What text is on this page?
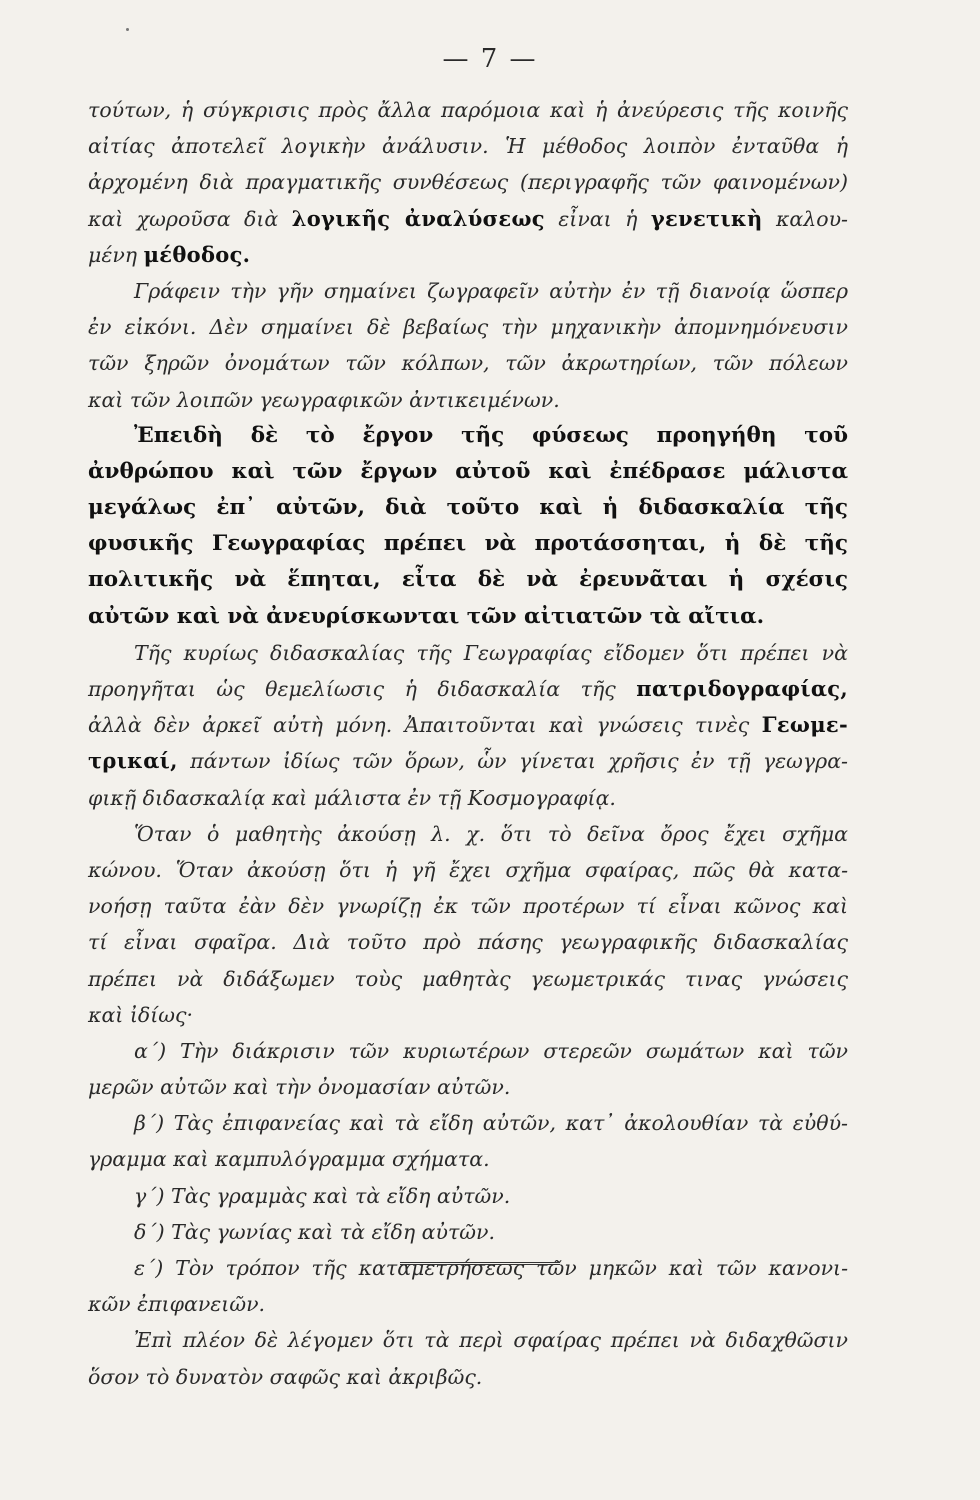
— 7 —
τούτων, ἡ σύγκρισις πρὸς ἄλλα παρόμοια καὶ ἡ ἀνεύρεσις τῆς κοινῆς
αἰτίας ἀποτελεῖ λογικὴν ἀνάλυσιν. Ἡ μέθοδος λοιπὸν ἐνταῦθα ἡ
ἀρχομένη διὰ πραγματικῆς συνθέσεως (περιγραφῆς τῶν φαινομένων)
καὶ χωροῦσα διὰ λογικῆς ἀναλύσεως εἶναι ἡ γενετικὴ καλου-
μένη μέθοδος.
Γράφειν τὴν γῆν σημαίνει ζωγραφεῖν αὐτὴν ἐν τῇ διανοίᾳ ὥσπερ
ἐν εἰκόνι. Δὲν σημαίνει δὲ βεβαίως τὴν μηχανικὴν ἀπομνημόνευσιν
τῶν ξηρῶν ὀνομάτων τῶν κόλπων, τῶν ἀκρωτηρίων, τῶν πόλεων
καὶ τῶν λοιπῶν γεωγραφικῶν ἀντικειμένων.
Ἐπειδὴ δὲ τὸ ἔργον τῆς φύσεως προηγήθη τοῦ
ἀνθρώπου καὶ τῶν ἔργων αὐτοῦ καὶ ἐπέδρασε μάλιστα
μεγάλως ἐπ᾽ αὐτῶν, διὰ τοῦτο καὶ ἡ διδασκαλία τῆς
φυσικῆς Γεωγραφίας πρέπει νὰ προτάσσηται, ἡ δὲ τῆς
πολιτικῆς νὰ ἕπηται, εἶτα δὲ νὰ ἐρευνᾶται ἡ σχέσις
αὐτῶν καὶ νὰ ἀνευρίσκωνται τῶν αἰτιατῶν τὰ αἴτια.
Τῆς κυρίως διδασκαλίας τῆς Γεωγραφίας εἴδομεν ὅτι πρέπει νὰ
προηγῆται ὡς θεμελίωσις ἡ διδασκαλία τῆς πατριδογραφίας,
ἀλλὰ δὲν ἀρκεῖ αὐτὴ μόνη. Ἀπαιτοῦνται καὶ γνώσεις τινὲς Γεωμε-
τρικαί, πάντων ἰδίως τῶν ὅρων, ὧν γίνεται χρῆσις ἐν τῇ γεωγρα-
φικῇ διδασκαλίᾳ καὶ μάλιστα ἐν τῇ Κοσμογραφίᾳ.
Ὅταν ὁ μαθητὴς ἀκούσῃ λ. χ. ὅτι τὸ δεῖνα ὄρος ἔχει σχῆμα
κώνου. Ὅταν ἀκούσῃ ὅτι ἡ γῆ ἔχει σχῆμα σφαίρας, πῶς θὰ κατα-
νοήσῃ ταῦτα ἐὰν δὲν γνωρίζῃ ἐκ τῶν προτέρων τί εἶναι κῶνος καὶ
τί εἶναι σφαῖρα. Διὰ τοῦτο πρὸ πάσης γεωγραφικῆς διδασκαλίας
πρέπει νὰ διδάξωμεν τοὺς μαθητὰς γεωμετρικάς τινας γνώσεις
καὶ ἰδίως·
α´) Τὴν διάκρισιν τῶν κυριωτέρων στερεῶν σωμάτων καὶ τῶν
μερῶν αὐτῶν καὶ τὴν ὀνομασίαν αὐτῶν.
β´) Τὰς ἐπιφανείας καὶ τὰ εἴδη αὐτῶν, κατ᾽ ἀκολουθίαν τὰ εὐθύ-
γραμμα καὶ καμπυλόγραμμα σχήματα.
γ´) Τὰς γραμμὰς καὶ τὰ εἴδη αὐτῶν.
δ´) Τὰς γωνίας καὶ τὰ εἴδη αὐτῶν.
ε´) Τὸν τρόπον τῆς καταμετρήσεως τῶν μηκῶν καὶ τῶν κανονι-
κῶν ἐπιφανειῶν.
Ἐπὶ πλέον δὲ λέγομεν ὅτι τὰ περὶ σφαίρας πρέπει νὰ διδαχθῶσιν
ὅσον τὸ δυνατὸν σαφῶς καὶ ἀκριβῶς.
